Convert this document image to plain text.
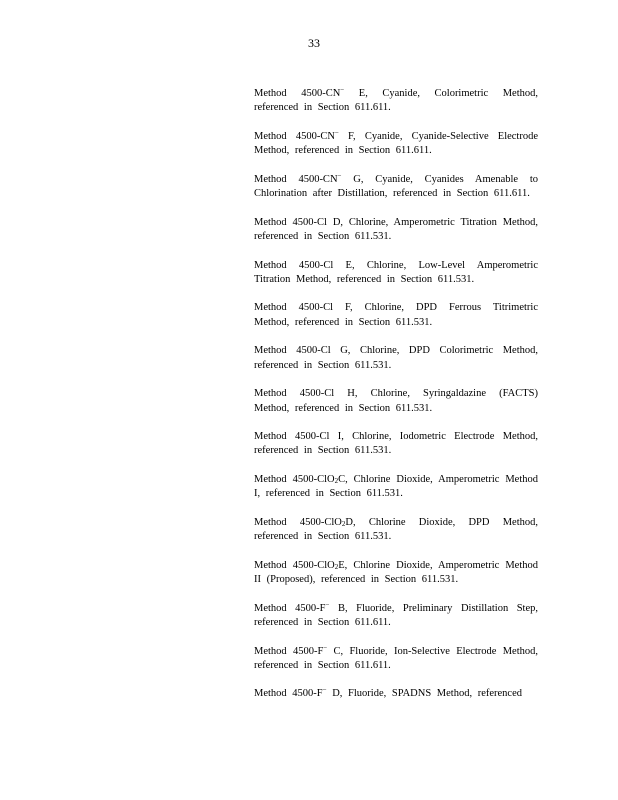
33

Method 4500-CN− E, Cyanide, Colorimetric Method, referenced in Section 611.611.

Method 4500-CN− F, Cyanide, Cyanide-Selective Electrode Method, referenced in Section 611.611.

Method 4500-CN− G, Cyanide, Cyanides Amenable to Chlorination after Distillation, referenced in Section 611.611.

Method 4500-Cl D, Chlorine, Amperometric Titration Method, referenced in Section 611.531.

Method 4500-Cl E, Chlorine, Low-Level Amperometric Titration Method, referenced in Section 611.531.

Method 4500-Cl F, Chlorine, DPD Ferrous Titrimetric Method, referenced in Section 611.531.

Method 4500-Cl G, Chlorine, DPD Colorimetric Method, referenced in Section 611.531.

Method 4500-Cl H, Chlorine, Syringaldazine (FACTS) Method, referenced in Section 611.531.

Method 4500-Cl I, Chlorine, Iodometric Electrode Method, referenced in Section 611.531.

Method 4500-ClO$_2$C, Chlorine Dioxide, Amperometric Method I, referenced in Section 611.531.

Method 4500-ClO$_2$D, Chlorine Dioxide, DPD Method, referenced in Section 611.531.

Method 4500-ClO$_2$E, Chlorine Dioxide, Amperometric Method II (Proposed), referenced in Section 611.531.

Method 4500-F− B, Fluoride, Preliminary Distillation Step, referenced in Section 611.611.

Method 4500-F− C, Fluoride, Ion-Selective Electrode Method, referenced in Section 611.611.

Method 4500-F− D, Fluoride, SPADNS Method, referenced
